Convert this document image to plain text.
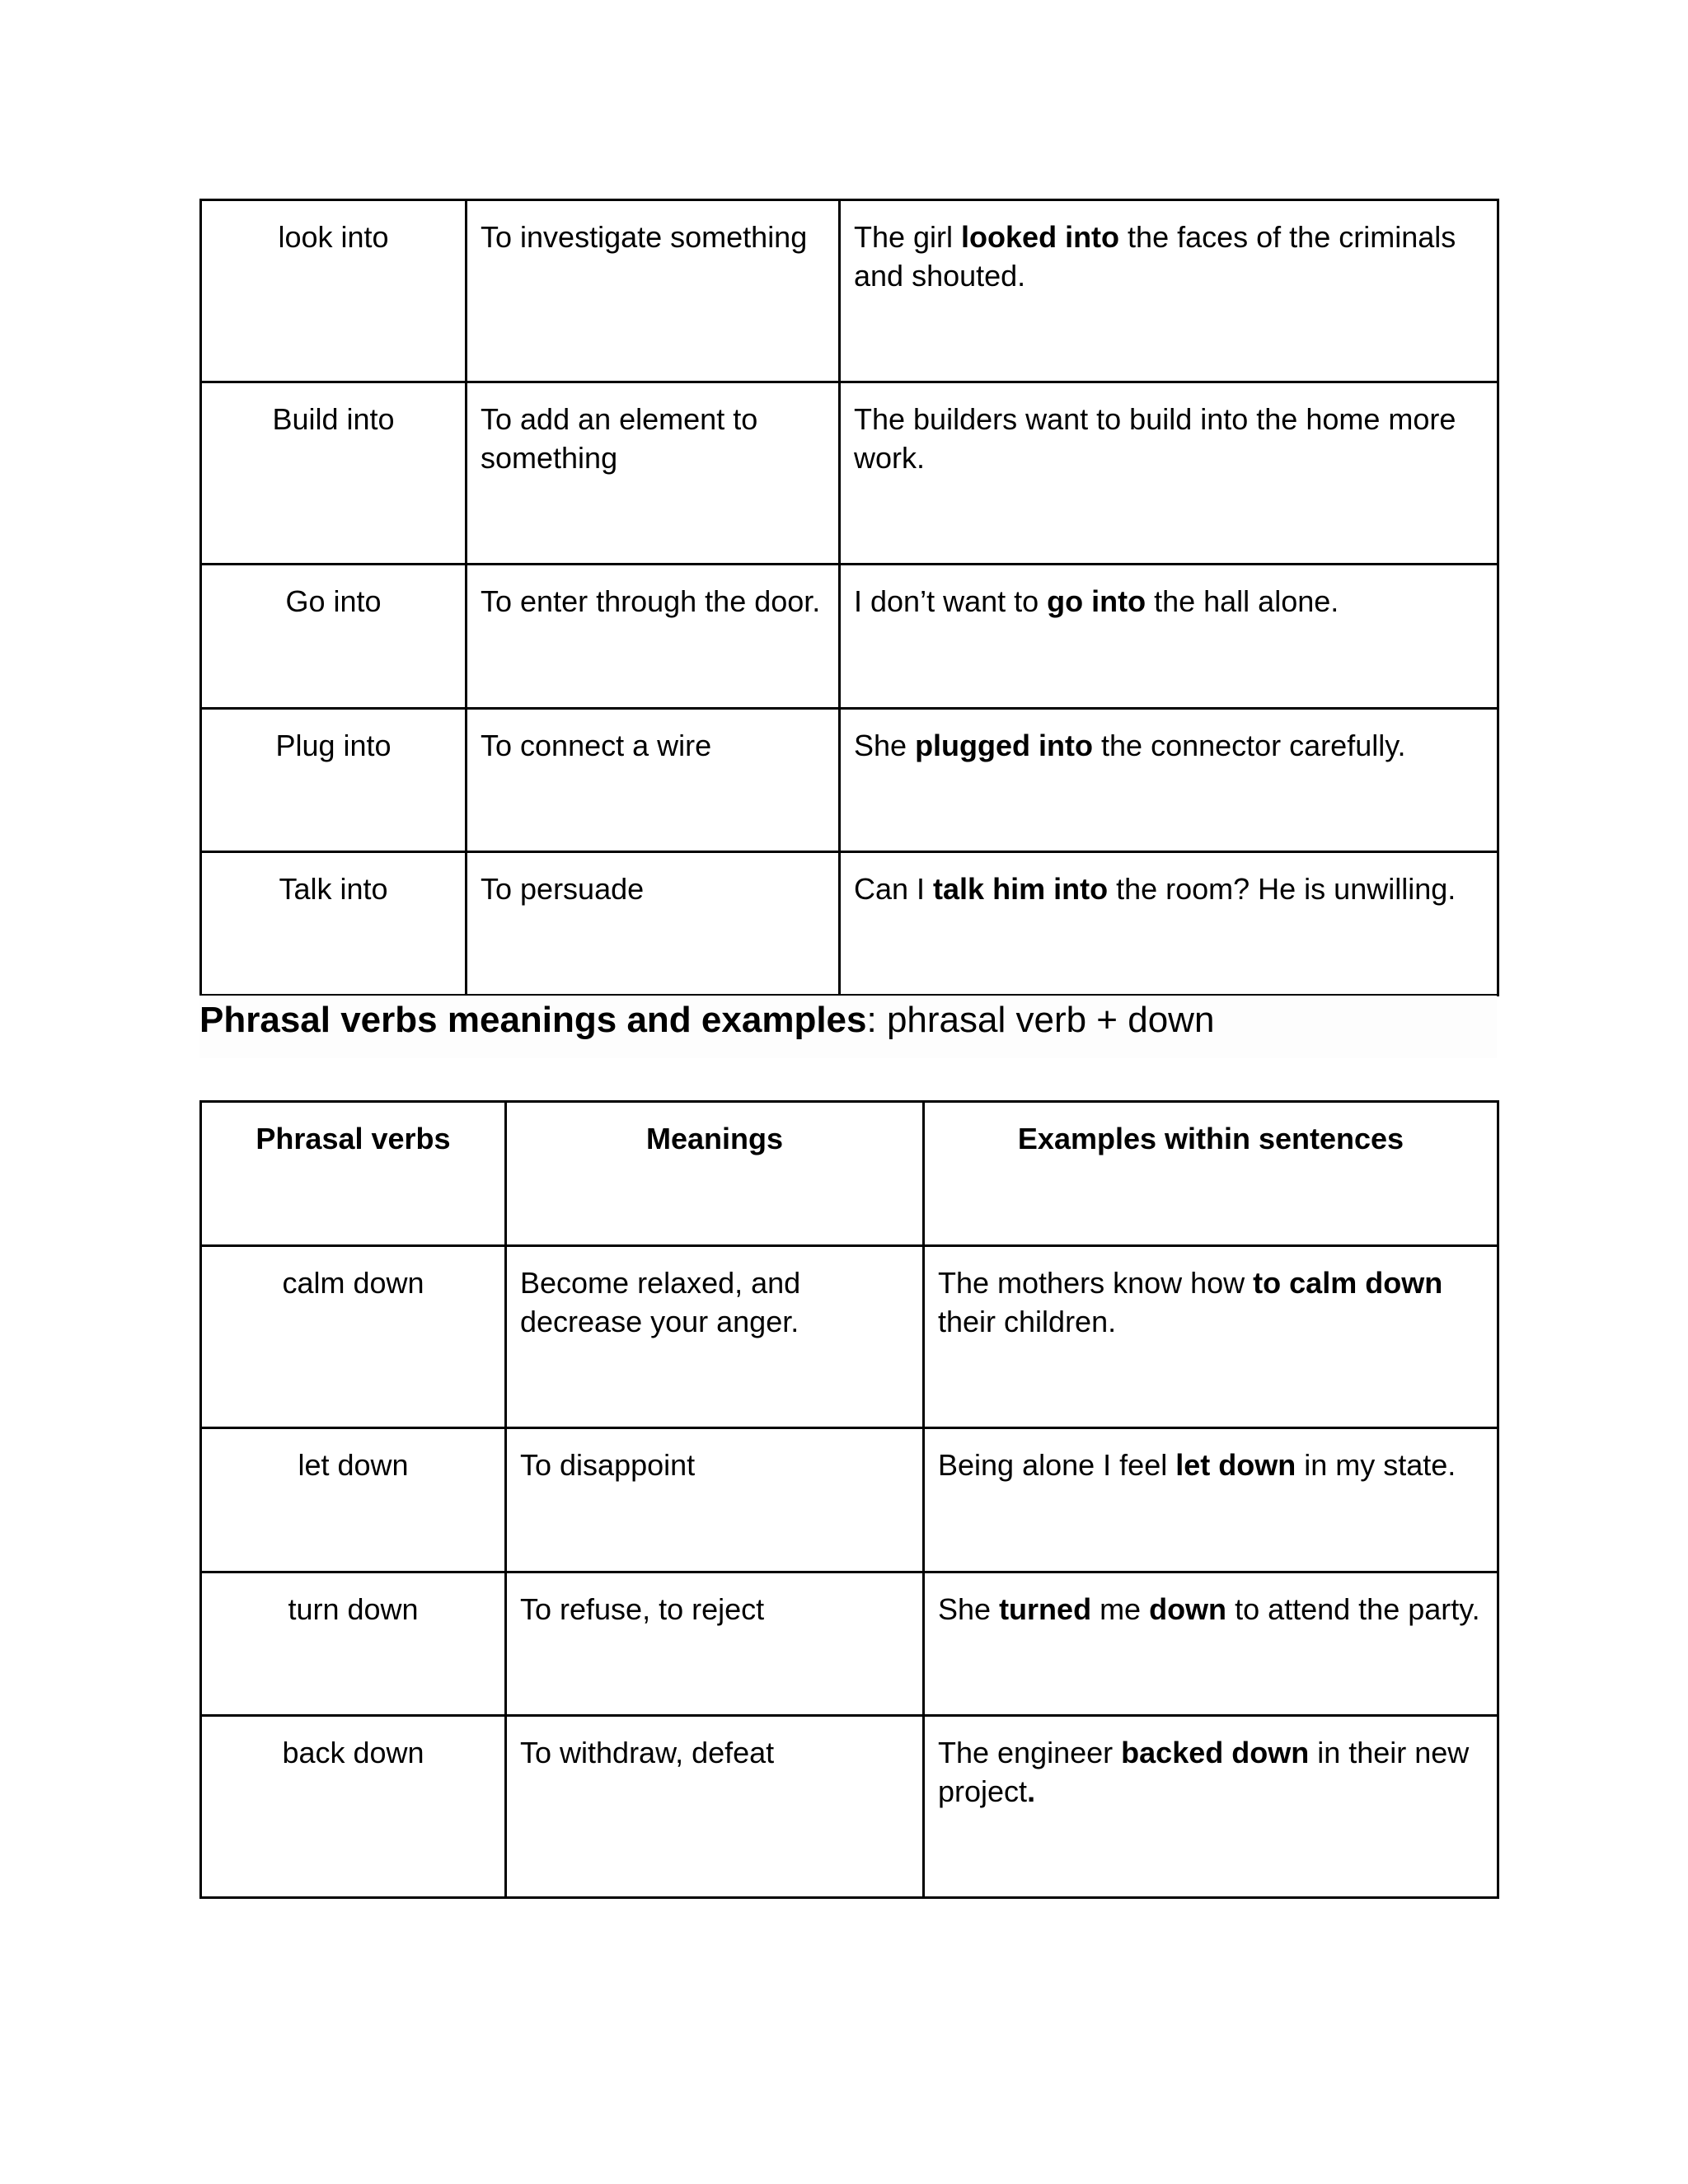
look into	To investigate something	The girl looked into the faces of the criminals and shouted.
Build into	To add an element to something	The builders want to build into the home more work.
Go into	To enter through the door.	I don’t want to go into the hall alone.
Plug into	To connect a wire	She plugged into the connector carefully.
Talk into	To persuade	Can I talk him into the room? He is unwilling.
Phrasal verbs meanings and examples: phrasal verb + down
Phrasal verbs	Meanings	Examples within sentences
calm down	Become relaxed, and decrease your anger.	The mothers know how to calm down their children.
let down	To disappoint	Being alone I feel let down in my state.
turn down	To refuse, to reject	She turned me down to attend the party.
back down	To withdraw, defeat	The engineer backed down in their new project.
